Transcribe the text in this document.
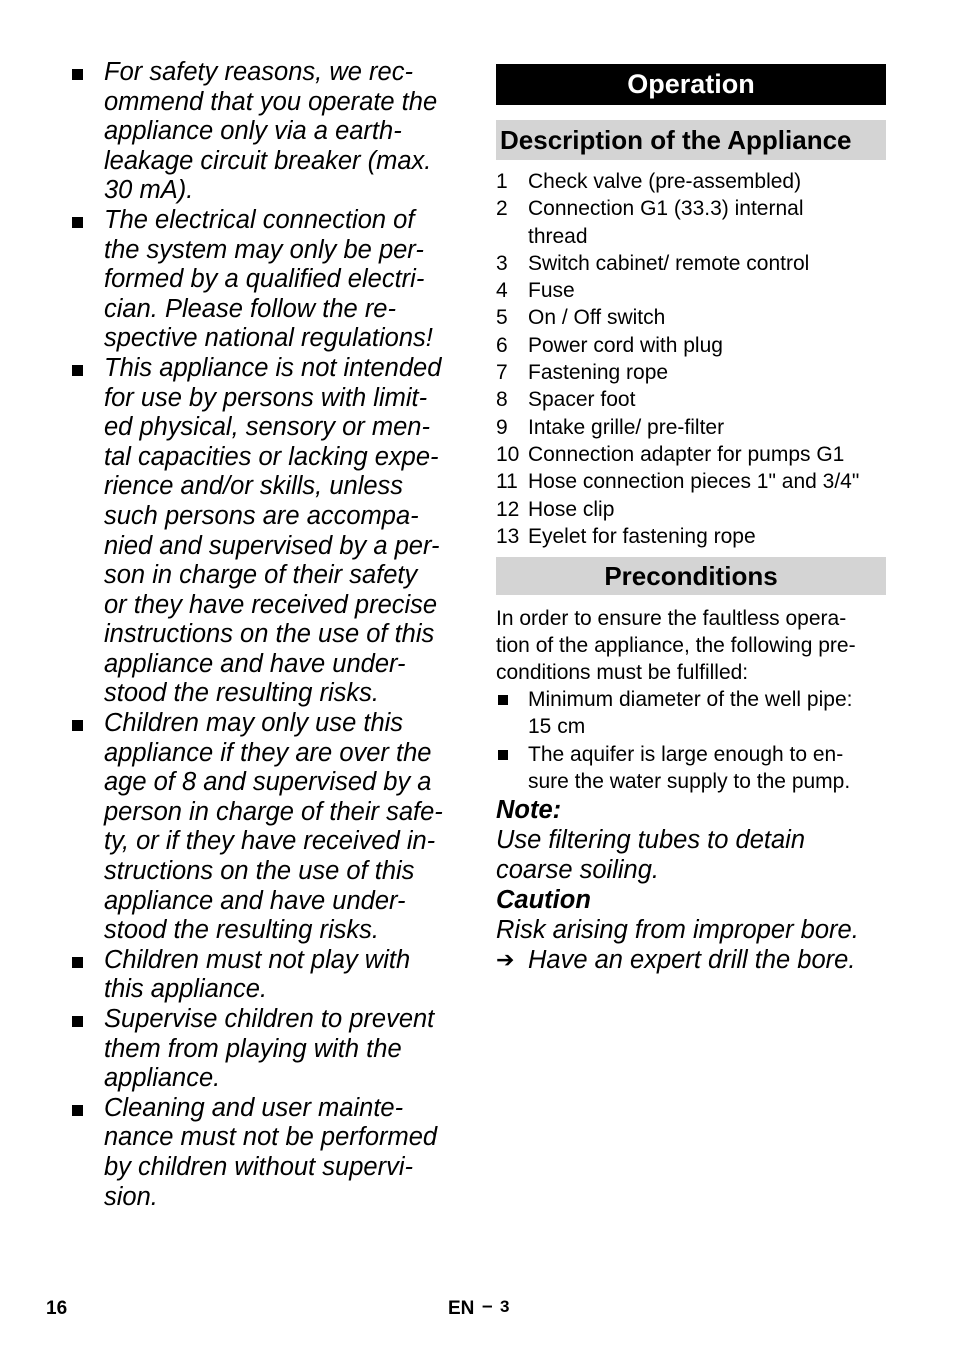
For safety reasons, we rec-
ommend that you operate the
appliance only via a earth-
leakage circuit breaker (max.
30 mA).
The electrical connection of
the system may only be per-
formed by a qualified electri-
cian. Please follow the re-
spective national regulations!
This appliance is not intended
for use by persons with limit-
ed physical, sensory or men-
tal capacities or lacking expe-
rience and/or skills, unless
such persons are accompa-
nied and supervised by a per-
son in charge of their safety
or they have received precise
instructions on the use of this
appliance and have under-
stood the resulting risks.
Children may only use this
appliance if they are over the
age of 8 and supervised by a
person in charge of their safe-
ty, or if they have received in-
structions on the use of this
appliance and have under-
stood the resulting risks.
Children must not play with
this appliance.
Supervise children to prevent
them from playing with the
appliance.
Cleaning and user mainte-
nance must not be performed
by children without supervi-
sion.
Operation
Description of the Appliance
1 Check valve (pre-assembled)
2 Connection G1 (33.3) internal
thread
3 Switch cabinet/ remote control
4 Fuse
5 On / Off switch
6 Power cord with plug
7 Fastening rope
8 Spacer foot
9 Intake grille/ pre-filter
10 Connection adapter for pumps G1
11 Hose connection pieces 1" and 3/4"
12 Hose clip
13 Eyelet for fastening rope
Preconditions
In order to ensure the faultless opera-
tion of the appliance, the following pre-
conditions must be fulfilled:
Minimum diameter of the well pipe:
15 cm
The aquifer is large enough to en-
sure the water supply to the pump.
Note:
Use filtering tubes to detain
coarse soiling.
Caution
Risk arising from improper bore.
➔ Have an expert drill the bore.
16	EN – 3
